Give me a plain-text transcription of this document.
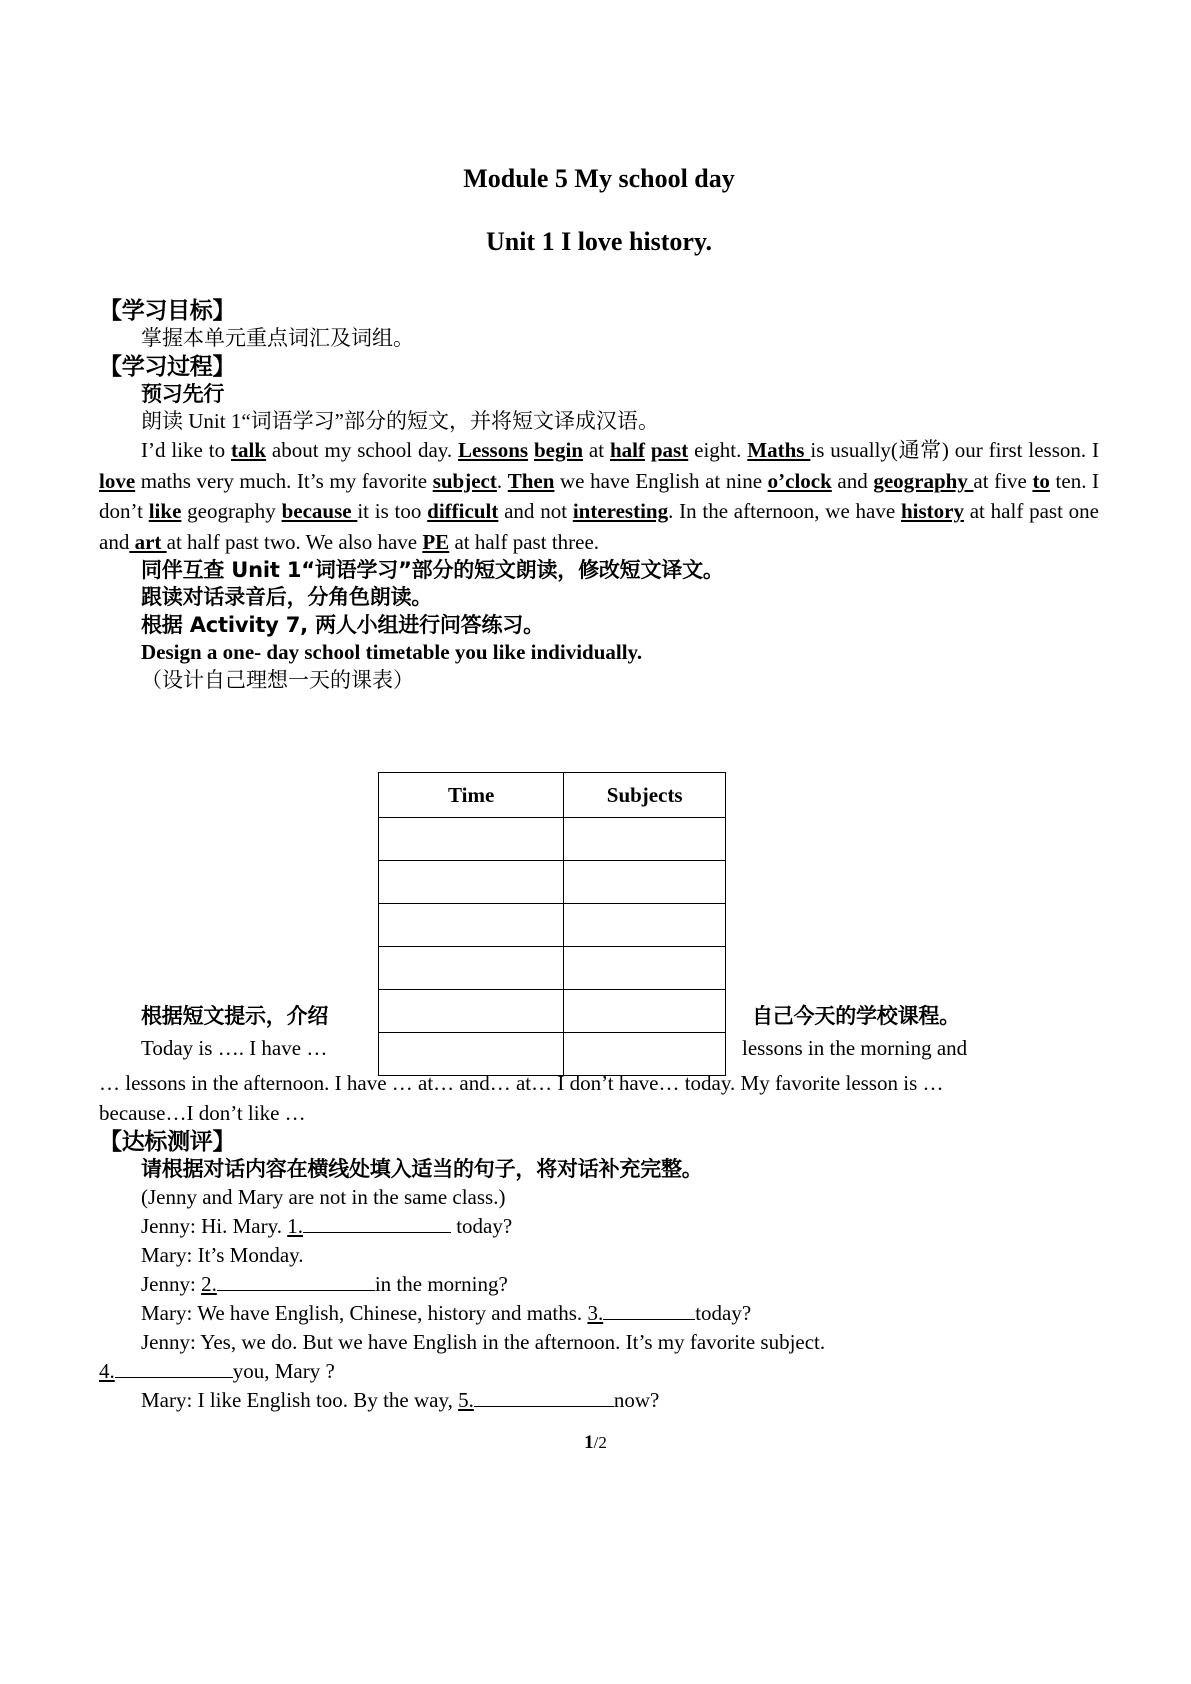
Module 5 My school day
Unit 1 I love history.
【学习目标】
掌握本单元重点词汇及词组。
【学习过程】
预习先行
朗读 Unit 1“词语学习”部分的短文，并将短文译成汉语。

I’d like to talk about my school day. Lessons begin at half past eight. Maths is usually(通常) our first lesson. I love maths very much. It’s my favorite subject. Then we have English at nine o’clock and geography at five to ten. I don’t like geography because it is too difficult and not interesting. In the afternoon, we have history at half past one and art at half past two. We also have PE at half past three.

同伴互查 Unit 1“词语学习”部分的短文朗读，修改短文译文。
跟读对话录音后，分角色朗读。
根据 Activity 7, 两人小组进行问答练习。
Design a one- day school timetable you like individually.
（设计自己理想一天的课表）
Time	Subjects

根据短文提示，介绍	自己今天的学校课程。
Today is …. I have …	lessons in the morning and
… lessons in the afternoon. I have … at… and… at… I don’t have… today. My favorite lesson is …
because…I don’t like …
【达标测评】
请根据对话内容在横线处填入适当的句子，将对话补充完整。
(Jenny and Mary are not in the same class.)
Jenny: Hi. Mary. 1.	today?
Mary: It’s Monday.
Jenny: 2.	in the morning?
Mary: We have English, Chinese, history and maths. 3.	today?
Jenny: Yes, we do. But we have English in the afternoon. It’s my favorite subject.
4.	you, Mary ?
Mary: I like English too. By the way, 5.	now?
1/2
